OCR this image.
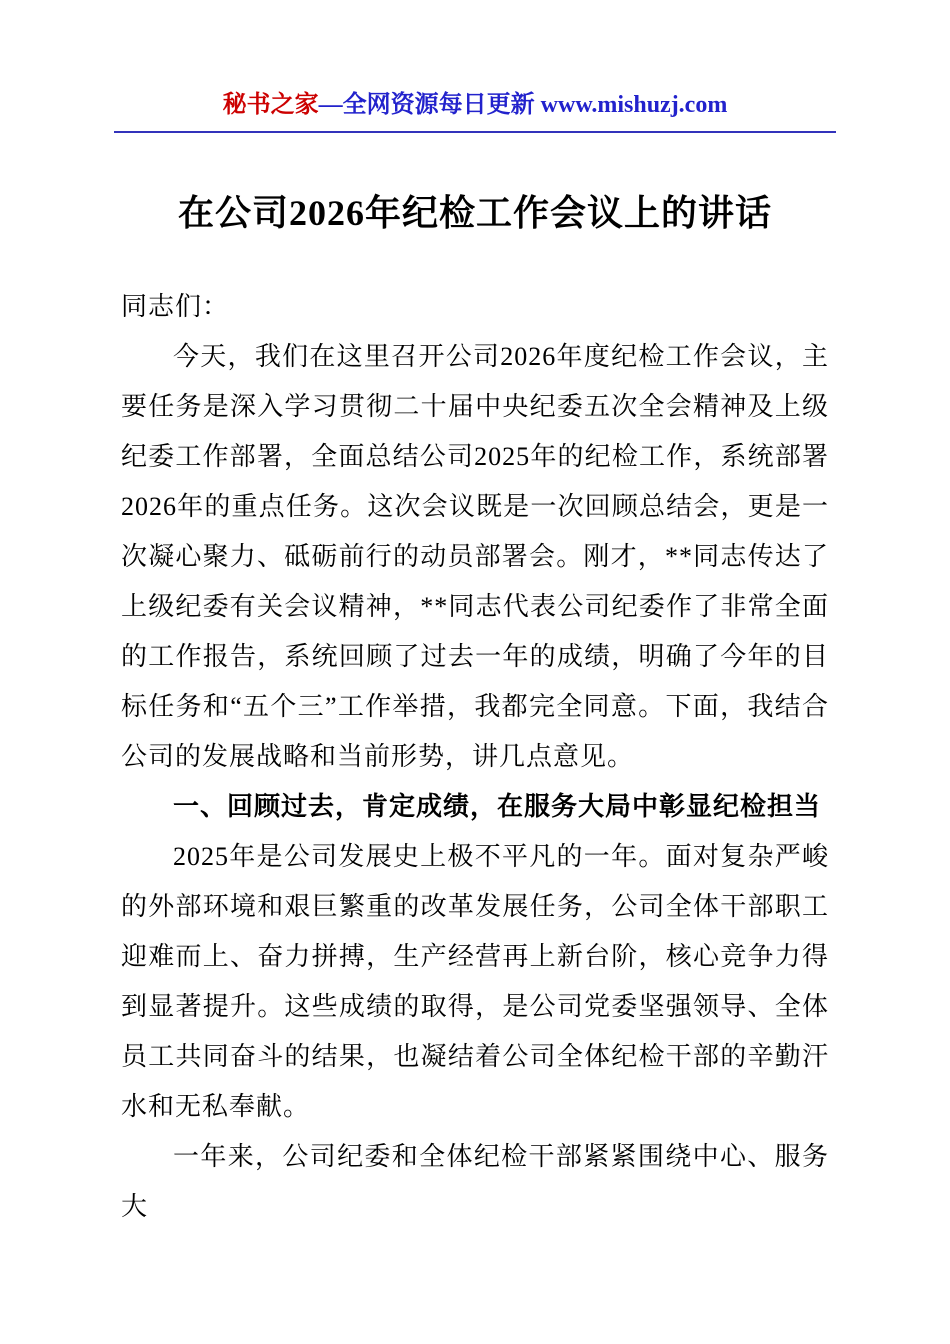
秘书之家—全网资源每日更新 www.mishuzj.com
在公司2026年纪检工作会议上的讲话

同志们：

今天，我们在这里召开公司2026年度纪检工作会议，主要任务是深入学习贯彻二十届中央纪委五次全会精神及上级纪委工作部署，全面总结公司2025年的纪检工作，系统部署2026年的重点任务。这次会议既是一次回顾总结会，更是一次凝心聚力、砥砺前行的动员部署会。刚才，**同志传达了上级纪委有关会议精神，**同志代表公司纪委作了非常全面的工作报告，系统回顾了过去一年的成绩，明确了今年的目标任务和“五个三”工作举措，我都完全同意。下面，我结合公司的发展战略和当前形势，讲几点意见。

一、回顾过去，肯定成绩，在服务大局中彰显纪检担当

2025年是公司发展史上极不平凡的一年。面对复杂严峻的外部环境和艰巨繁重的改革发展任务，公司全体干部职工迎难而上、奋力拼搏，生产经营再上新台阶，核心竞争力得到显著提升。这些成绩的取得，是公司党委坚强领导、全体员工共同奋斗的结果，也凝结着公司全体纪检干部的辛勤汗水和无私奉献。

一年来，公司纪委和全体纪检干部紧紧围绕中心、服务大
